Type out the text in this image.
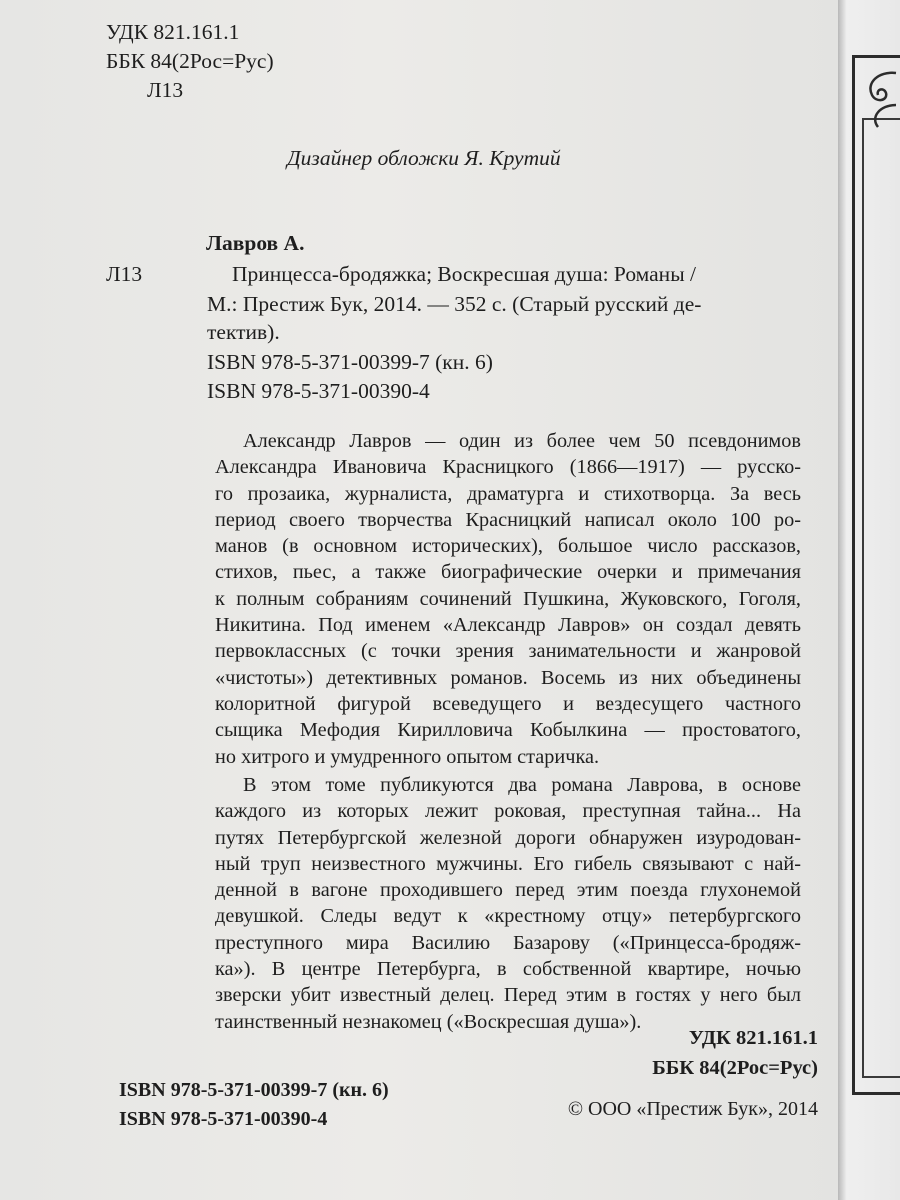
УДК 821.161.1

ББК 84(2Рос=Рус)

Л13

Дизайнер обложки Я. Крутий

Лавров А.

Л13	Принцесса-бродяжка; Воскресшая душа: Романы /

М.: Престиж Бук, 2014. — 352 с. (Старый русский де-

тектив).

ISBN 978-5-371-00399-7 (кн. 6)

ISBN 978-5-371-00390-4

Александр Лавров — один из более чем 50 псевдонимов
Александра Ивановича Красницкого (1866—1917) — русско-
го прозаика, журналиста, драматурга и стихотворца. За весь
период своего творчества Красницкий написал около 100 ро-
манов (в основном исторических), большое число рассказов,
стихов, пьес, а также биографические очерки и примечания
к полным собраниям сочинений Пушкина, Жуковского, Гоголя,
Никитина. Под именем «Александр Лавров» он создал девять
первоклассных (с точки зрения занимательности и жанровой
«чистоты») детективных романов. Восемь из них объединены
колоритной фигурой всеведущего и вездесущего частного
сыщика Мефодия Кирилловича Кобылкина — простоватого,
но хитрого и умудренного опытом старичка.
В этом томе публикуются два романа Лаврова, в основе
каждого из которых лежит роковая, преступная тайна... На
путях Петербургской железной дороги обнаружен изуродован-
ный труп неизвестного мужчины. Его гибель связывают с най-
денной в вагоне проходившего перед этим поезда глухонемой
девушкой. Следы ведут к «крестному отцу» петербургского
преступного мира Василию Базарову («Принцесса-бродяж-
ка»). В центре Петербурга, в собственной квартире, ночью
зверски убит известный делец. Перед этим в гостях у него был
таинственный незнакомец («Воскресшая душа»).

УДК 821.161.1

ББК 84(2Рос=Рус)

ISBN 978-5-371-00399-7 (кн. 6)

ISBN 978-5-371-00390-4	© ООО «Престиж Бук», 2014
